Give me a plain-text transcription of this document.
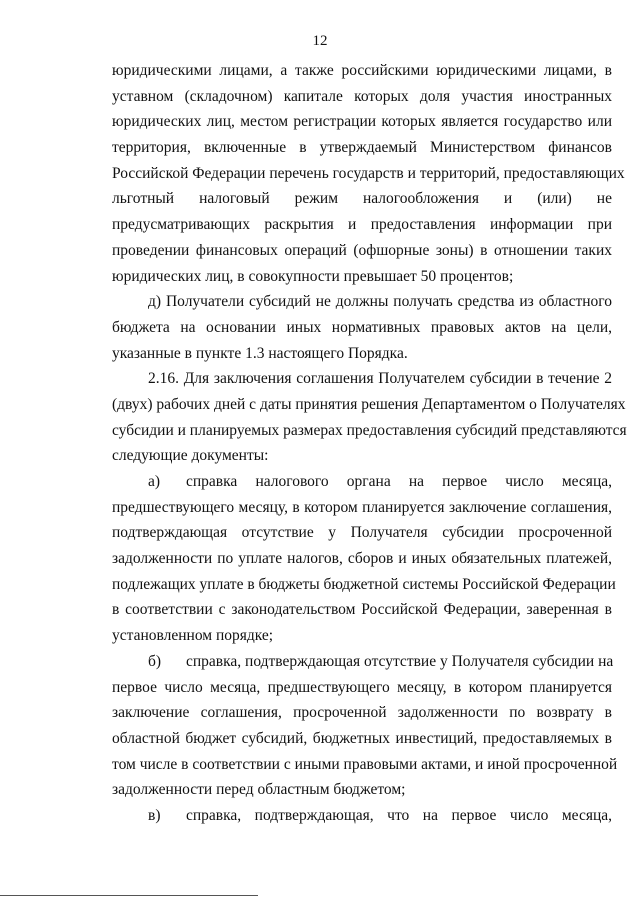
12
юридическими лицами, а также российскими юридическими лицами, в
уставном (складочном) капитале которых доля участия иностранных
юридических лиц, местом регистрации которых является государство или
территория, включенные в утверждаемый Министерством финансов
Российской Федерации перечень государств и территорий, предоставляющих
льготный налоговый режим налогообложения и (или) не
предусматривающих раскрытия и предоставления информации при
проведении финансовых операций (офшорные зоны) в отношении таких
юридических лиц, в совокупности превышает 50 процентов;
д) Получатели субсидий не должны получать средства из областного
бюджета на основании иных нормативных правовых актов на цели,
указанные в пункте 1.3 настоящего Порядка.
2.16. Для заключения соглашения Получателем субсидии в течение 2
(двух) рабочих дней с даты принятия решения Департаментом о Получателях
субсидии и планируемых размерах предоставления субсидий представляются
следующие документы:
а)	справка налогового органа на первое число месяца,
предшествующего месяцу, в котором планируется заключение соглашения,
подтверждающая отсутствие у Получателя субсидии просроченной
задолженности по уплате налогов, сборов и иных обязательных платежей,
подлежащих уплате в бюджеты бюджетной системы Российской Федерации
в соответствии с законодательством Российской Федерации, заверенная в
установленном порядке;
б)	справка, подтверждающая отсутствие у Получателя субсидии на
первое число месяца, предшествующего месяцу, в котором планируется
заключение соглашения, просроченной задолженности по возврату в
областной бюджет субсидий, бюджетных инвестиций, предоставляемых в
том числе в соответствии с иными правовыми актами, и иной просроченной
задолженности перед областным бюджетом;
в)	справка, подтверждающая, что на первое число месяца,
